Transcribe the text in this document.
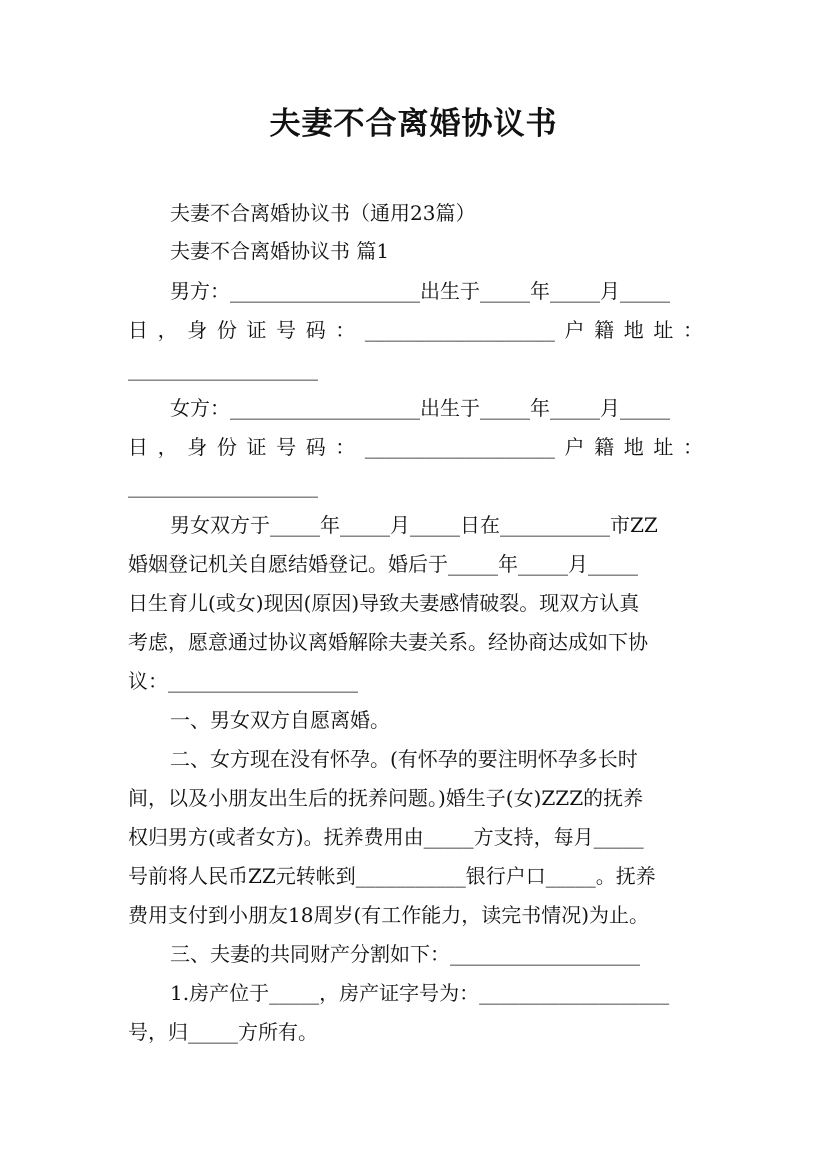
夫妻不合离婚协议书
夫妻不合离婚协议书（通用23篇）
夫妻不合离婚协议书 篇1
男方：___________________出生于_____年_____月_____
日，身份证号码：___________________户籍地址：
___________________
女方：___________________出生于_____年_____月_____
日，身份证号码：___________________户籍地址：
___________________
男女双方于_____年_____月_____日在___________市ZZ
婚姻登记机关自愿结婚登记。婚后于_____年_____月_____
日生育儿(或女)现因(原因)导致夫妻感情破裂。现双方认真
考虑，愿意通过协议离婚解除夫妻关系。经协商达成如下协
议：___________________
一、男女双方自愿离婚。
二、女方现在没有怀孕。(有怀孕的要注明怀孕多长时
间，以及小朋友出生后的抚养问题。)婚生子(女)ZZZ的抚养
权归男方(或者女方)。抚养费用由_____方支持，每月_____
号前将人民币ZZ元转帐到___________银行户口_____。抚养
费用支付到小朋友18周岁(有工作能力，读完书情况)为止。
三、夫妻的共同财产分割如下：___________________
1.房产位于_____，房产证字号为：___________________
号，归_____方所有。
